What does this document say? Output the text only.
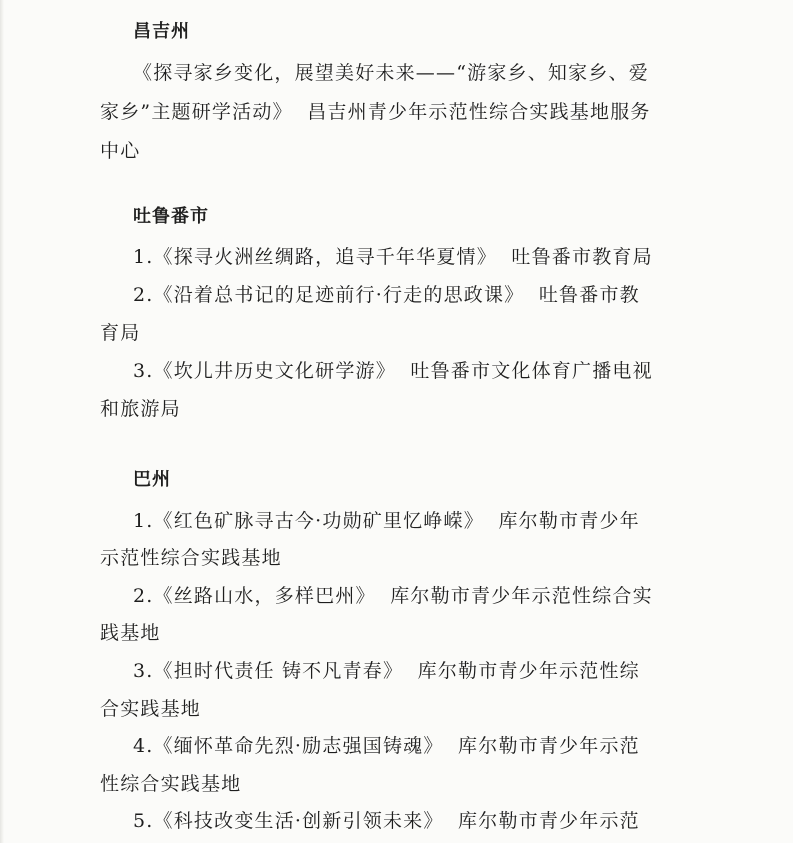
昌吉州
《探寻家乡变化，展望美好未来——“游家乡、知家乡、爱
家乡”主题研学活动》  昌吉州青少年示范性综合实践基地服务
中心
吐鲁番市
1.《探寻火洲丝绸路，追寻千年华夏情》  吐鲁番市教育局
2.《沿着总书记的足迹前行·行走的思政课》  吐鲁番市教
育局
3.《坎儿井历史文化研学游》  吐鲁番市文化体育广播电视
和旅游局
巴州
1.《红色矿脉寻古今·功勋矿里忆峥嵘》  库尔勒市青少年
示范性综合实践基地
2.《丝路山水，多样巴州》  库尔勒市青少年示范性综合实
践基地
3.《担时代责任 铸不凡青春》  库尔勒市青少年示范性综
合实践基地
4.《缅怀革命先烈·励志强国铸魂》  库尔勒市青少年示范
性综合实践基地
5.《科技改变生活·创新引领未来》  库尔勒市青少年示范
